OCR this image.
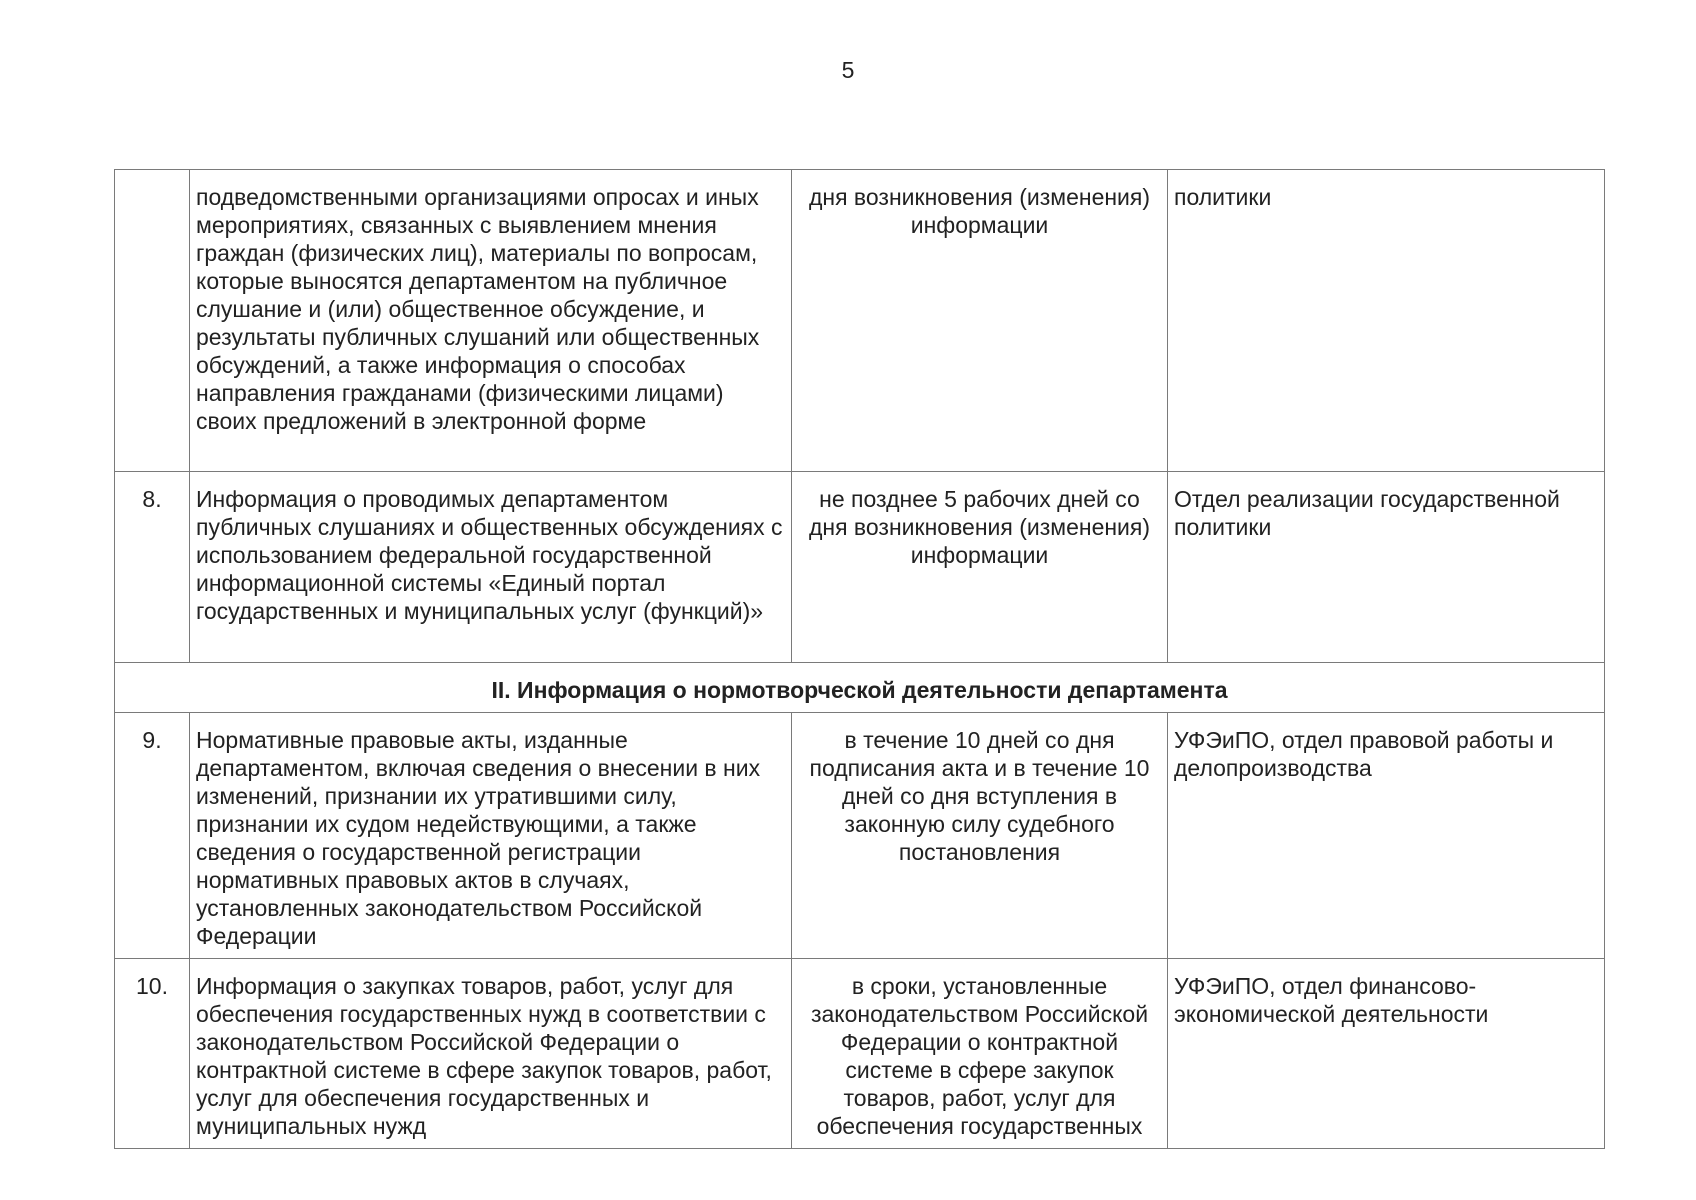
5
	подведомственными организациями опросах и иных мероприятиях, связанных с выявлением мнения граждан (физических лиц), материалы по вопросам, которые выносятся департаментом на публичное слушание и (или) общественное обсуждение, и результаты публичных слушаний или общественных обсуждений, а также информация о способах направления гражданами (физическими лицами) своих предложений в электронной форме	дня возникновения (изменения) информации	политики
8.	Информация о проводимых департаментом публичных слушаниях и общественных обсуждениях с использованием федеральной государственной информационной системы «Единый портал государственных и муниципальных услуг (функций)»	не позднее 5 рабочих дней со дня возникновения (изменения) информации	Отдел реализации государственной политики
II. Информация о нормотворческой деятельности департамента			
9.	Нормативные правовые акты, изданные департаментом, включая сведения о внесении в них изменений, признании их утратившими силу, признании их судом недействующими, а также сведения о государственной регистрации нормативных правовых актов в случаях, установленных законодательством Российской Федерации	в течение 10 дней со дня подписания акта и в течение 10 дней со дня вступления в законную силу судебного постановления	УФЭиПО, отдел правовой работы и делопроизводства
10.	Информация о закупках товаров, работ, услуг для обеспечения государственных нужд в соответствии с законодательством Российской Федерации о контрактной системе в сфере закупок товаров, работ, услуг для обеспечения государственных и муниципальных нужд	в сроки, установленные законодательством Российской Федерации о контрактной системе в сфере закупок товаров, работ, услуг для обеспечения государственных	УФЭиПО, отдел финансово-экономической деятельности
